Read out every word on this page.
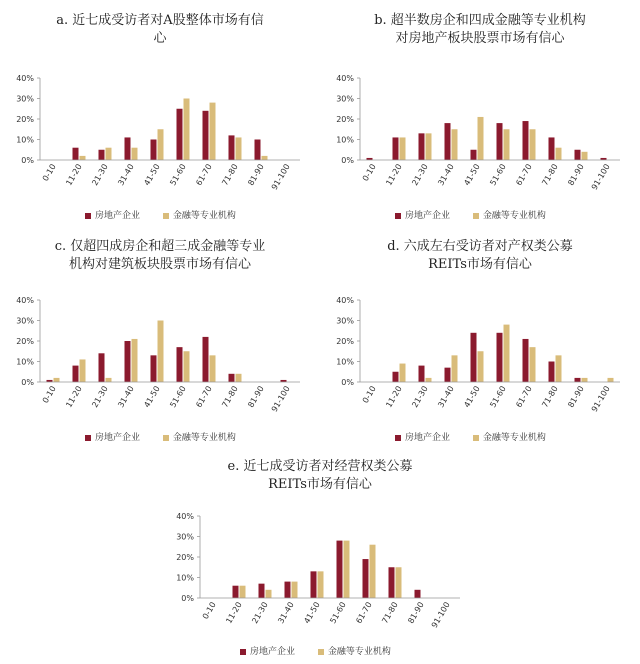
a. 近七成受访者对A股整体市场有信
心
0%
10%
20%
30%
40%
0-10 11-20 21-30 31-40 41-50 51-60 61-70 71-80 81-90 91-100
房地产企业	金融等专业机构
b. 超半数房企和四成金融等专业机构
对房地产板块股票市场有信心
0%
10%
20%
30%
40%
0-10 11-20 21-30 31-40 41-50 51-60 61-70 71-80 81-90 91-100
房地产企业	金融等专业机构
c. 仅超四成房企和超三成金融等专业
机构对建筑板块股票市场有信心
0%
10%
20%
30%
40%
0-10 11-20 21-30 31-40 41-50 51-60 61-70 71-80 81-90 91-100
房地产企业	金融等专业机构
d. 六成左右受访者对产权类公募
REITs市场有信心
0%
10%
20%
30%
40%
0-10 11-20 21-30 31-40 41-50 51-60 61-70 71-80 81-90 91-100
房地产企业	金融等专业机构
e. 近七成受访者对经营权类公募
REITs市场有信心
0%
10%
20%
30%
40%
0-10 11-20 21-30 31-40 41-50 51-60 61-70 71-80 81-90 91-100
房地产企业	金融等专业机构
